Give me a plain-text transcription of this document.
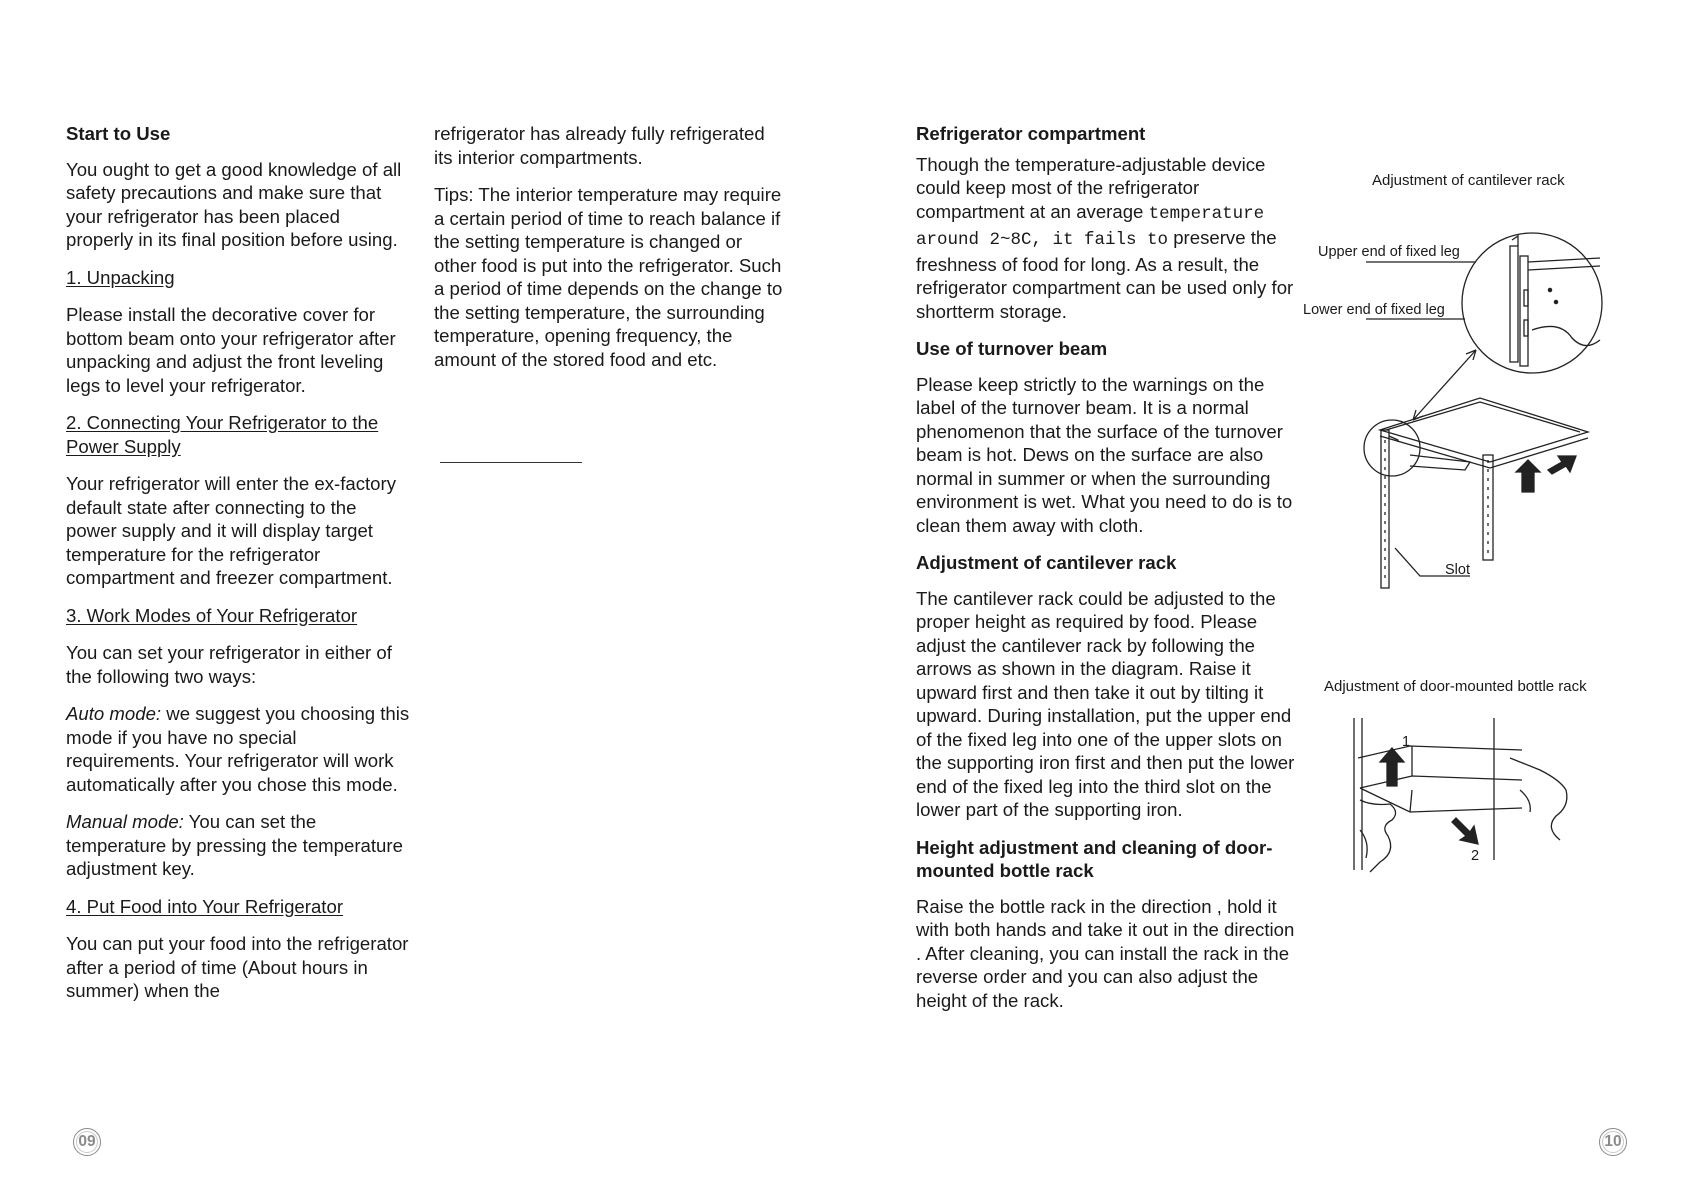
Start to Use

You ought to get a good knowledge of all safety precautions and make sure that your refrigerator has been placed properly in its final position before using.

1. Unpacking

Please install the decorative cover for bottom beam onto your refrigerator after unpacking and adjust the front leveling legs to level your refrigerator.

2. Connecting Your Refrigerator to the Power Supply

Your refrigerator will enter the ex-factory default state after connecting to the power supply and it will display target temperature for the refrigerator compartment and freezer compartment.

3. Work Modes of Your Refrigerator

You can set your refrigerator in either of the following two ways:

Auto mode: we suggest you choosing this mode if you have no special requirements. Your refrigerator will work automatically after you chose this mode.

Manual mode: You can set the temperature by pressing the temperature adjustment key.

4. Put Food into Your Refrigerator

You can put your food into the refrigerator after a period of time (About hours in summer) when the

refrigerator has already fully refrigerated its interior compartments.

Tips: The interior temperature may require a certain period of time to reach balance if the setting temperature is changed or other food is put into the refrigerator. Such a period of time depends on the change to the setting temperature, the surrounding temperature, opening frequency, the amount of the stored food and etc.

09
Refrigerator compartment

Though the temperature-adjustable device could keep most of the refrigerator compartment at an average temperature around 2~8C, it fails to preserve the freshness of food for long. As a result, the refrigerator compartment can be used only for shortterm storage.

Use of turnover beam

Please keep strictly to the warnings on the label of the turnover beam. It is a normal phenomenon that the surface of the turnover beam is hot. Dews on the surface are also normal in summer or when the surrounding environment is wet. What you need to do is to clean them away with cloth.

Adjustment of cantilever rack

The cantilever rack could be adjusted to the proper height as required by food. Please adjust the cantilever rack by following the arrows as shown in the diagram. Raise it upward first and then take it out by tilting it upward. During installation, put the upper end of the fixed leg into one of the upper slots on the supporting iron first and then put the lower end of the fixed leg into the third slot on the lower part of the supporting iron.

Height adjustment and cleaning of door-mounted bottle rack

Raise the bottle rack in the direction , hold it with both hands and take it out in the direction . After cleaning, you can install the rack in the reverse order and you can also adjust the height of the rack.

Adjustment of cantilever rack
Upper end of fixed leg
Lower end of fixed leg
Slot
Adjustment of door-mounted bottle rack
1
2
10
